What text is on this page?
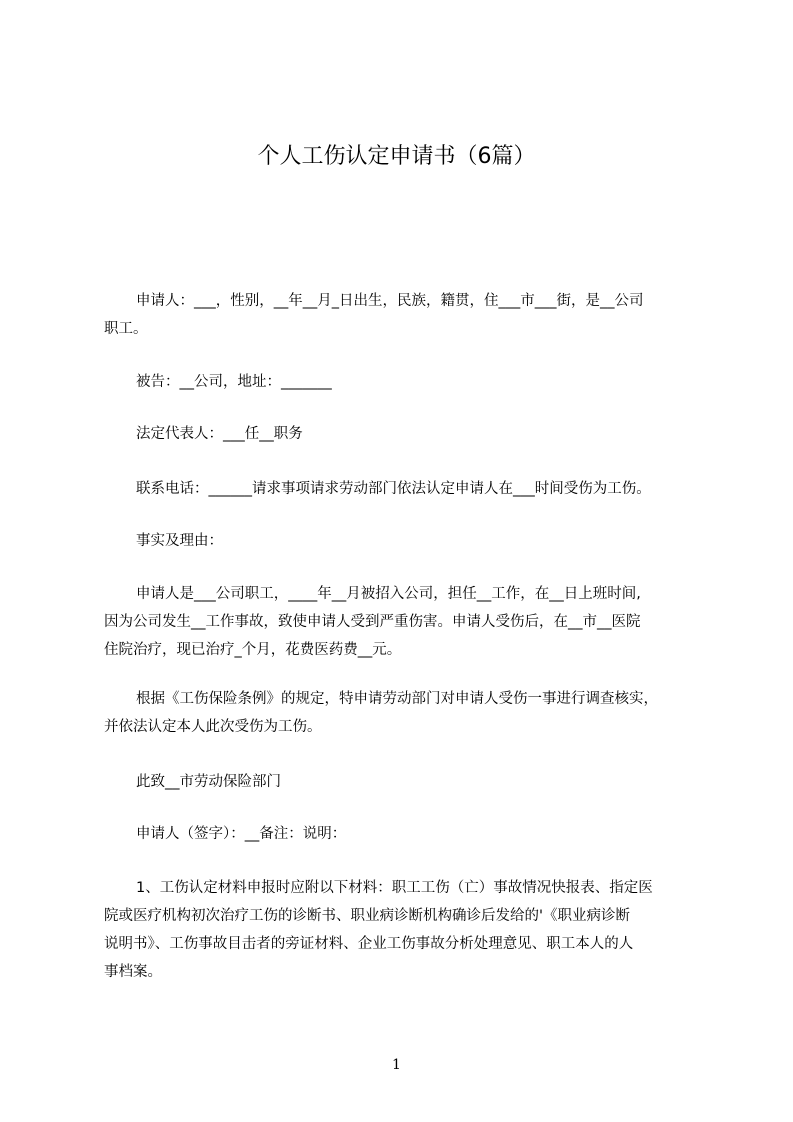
个人工伤认定申请书（6篇）

申请人：___，性别，__年__月_日出生，民族，籍贯，住___市___街，是__公司
职工。

被告：__公司，地址：_______

法定代表人：___任__职务

联系电话：______请求事项请求劳动部门依法认定申请人在___时间受伤为工伤。

事实及理由：

申请人是___公司职工，____年__月被招入公司，担任__工作，在__日上班时间,
因为公司发生__工作事故，致使申请人受到严重伤害。申请人受伤后，在__市__医院
住院治疗，现已治疗_个月，花费医药费__元。

根据《工伤保险条例》的规定，特申请劳动部门对申请人受伤一事进行调查核实，
并依法认定本人此次受伤为工伤。

此致__市劳动保险部门

申请人（签字）：__备注：说明：

1、工伤认定材料申报时应附以下材料：职工工伤（亡）事故情况快报表、指定医
院或医疗机构初次治疗工伤的诊断书、职业病诊断机构确诊后发给的'《职业病诊断
说明书》、工伤事故目击者的旁证材料、企业工伤事故分析处理意见、职工本人的人
事档案。

1
